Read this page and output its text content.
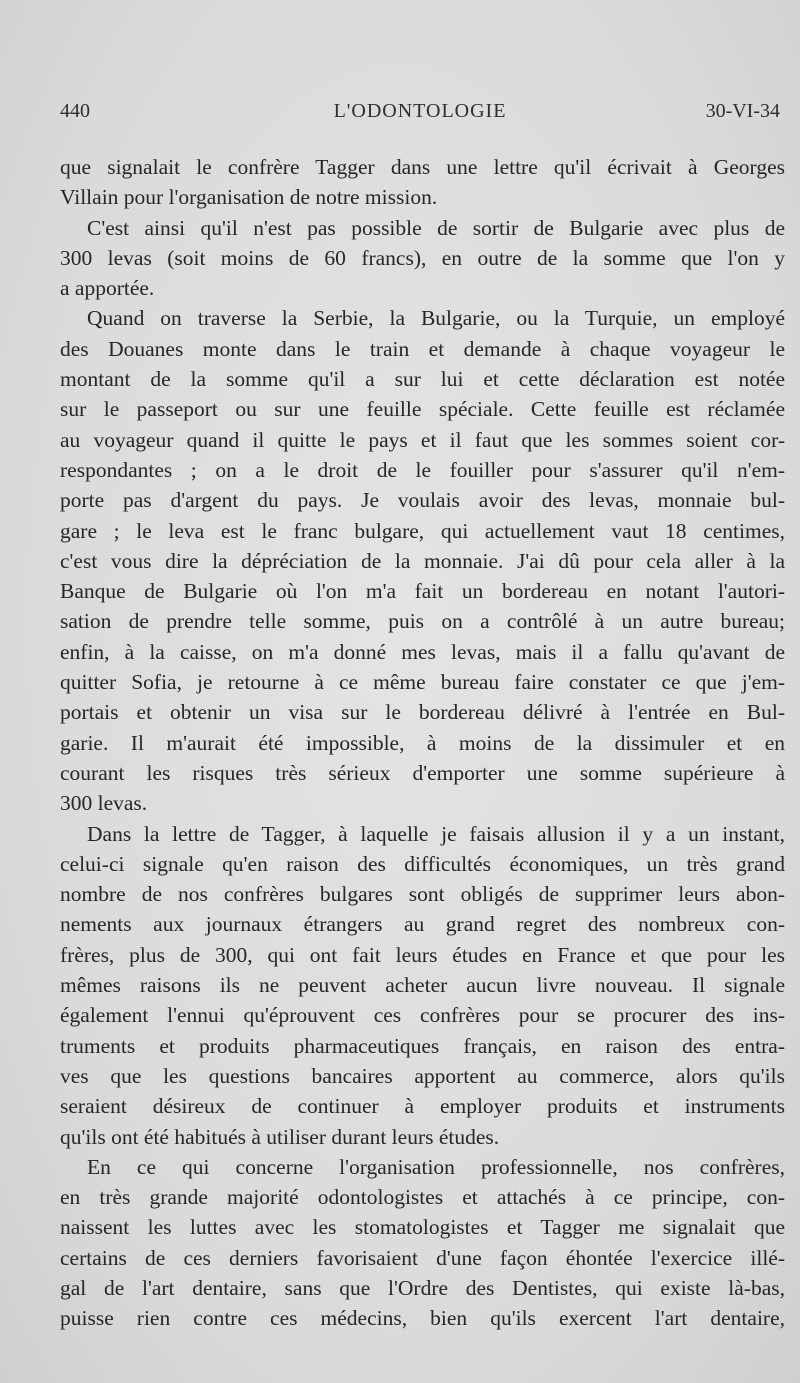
440	L'ODONTOLOGIE	30-VI-34
que signalait le confrère Tagger dans une lettre qu'il écrivait à Georges
Villain pour l'organisation de notre mission.
C'est ainsi qu'il n'est pas possible de sortir de Bulgarie avec plus de
300 levas (soit moins de 60 francs), en outre de la somme que l'on y
a apportée.
Quand on traverse la Serbie, la Bulgarie, ou la Turquie, un employé
des Douanes monte dans le train et demande à chaque voyageur le
montant de la somme qu'il a sur lui et cette déclaration est notée
sur le passeport ou sur une feuille spéciale. Cette feuille est réclamée
au voyageur quand il quitte le pays et il faut que les sommes soient cor-
respondantes ; on a le droit de le fouiller pour s'assurer qu'il n'em-
porte pas d'argent du pays. Je voulais avoir des levas, monnaie bul-
gare ; le leva est le franc bulgare, qui actuellement vaut 18 centimes,
c'est vous dire la dépréciation de la monnaie. J'ai dû pour cela aller à la
Banque de Bulgarie où l'on m'a fait un bordereau en notant l'autori-
sation de prendre telle somme, puis on a contrôlé à un autre bureau;
enfin, à la caisse, on m'a donné mes levas, mais il a fallu qu'avant de
quitter Sofia, je retourne à ce même bureau faire constater ce que j'em-
portais et obtenir un visa sur le bordereau délivré à l'entrée en Bul-
garie. Il m'aurait été impossible, à moins de la dissimuler et en
courant les risques très sérieux d'emporter une somme supérieure à
300 levas.
Dans la lettre de Tagger, à laquelle je faisais allusion il y a un instant,
celui-ci signale qu'en raison des difficultés économiques, un très grand
nombre de nos confrères bulgares sont obligés de supprimer leurs abon-
nements aux journaux étrangers au grand regret des nombreux con-
frères, plus de 300, qui ont fait leurs études en France et que pour les
mêmes raisons ils ne peuvent acheter aucun livre nouveau. Il signale
également l'ennui qu'éprouvent ces confrères pour se procurer des ins-
truments et produits pharmaceutiques français, en raison des entra-
ves que les questions bancaires apportent au commerce, alors qu'ils
seraient désireux de continuer à employer produits et instruments
qu'ils ont été habitués à utiliser durant leurs études.
En ce qui concerne l'organisation professionnelle, nos confrères,
en très grande majorité odontologistes et attachés à ce principe, con-
naissent les luttes avec les stomatologistes et Tagger me signalait que
certains de ces derniers favorisaient d'une façon éhontée l'exercice illé-
gal de l'art dentaire, sans que l'Ordre des Dentistes, qui existe là-bas,
puisse rien contre ces médecins, bien qu'ils exercent l'art dentaire,
